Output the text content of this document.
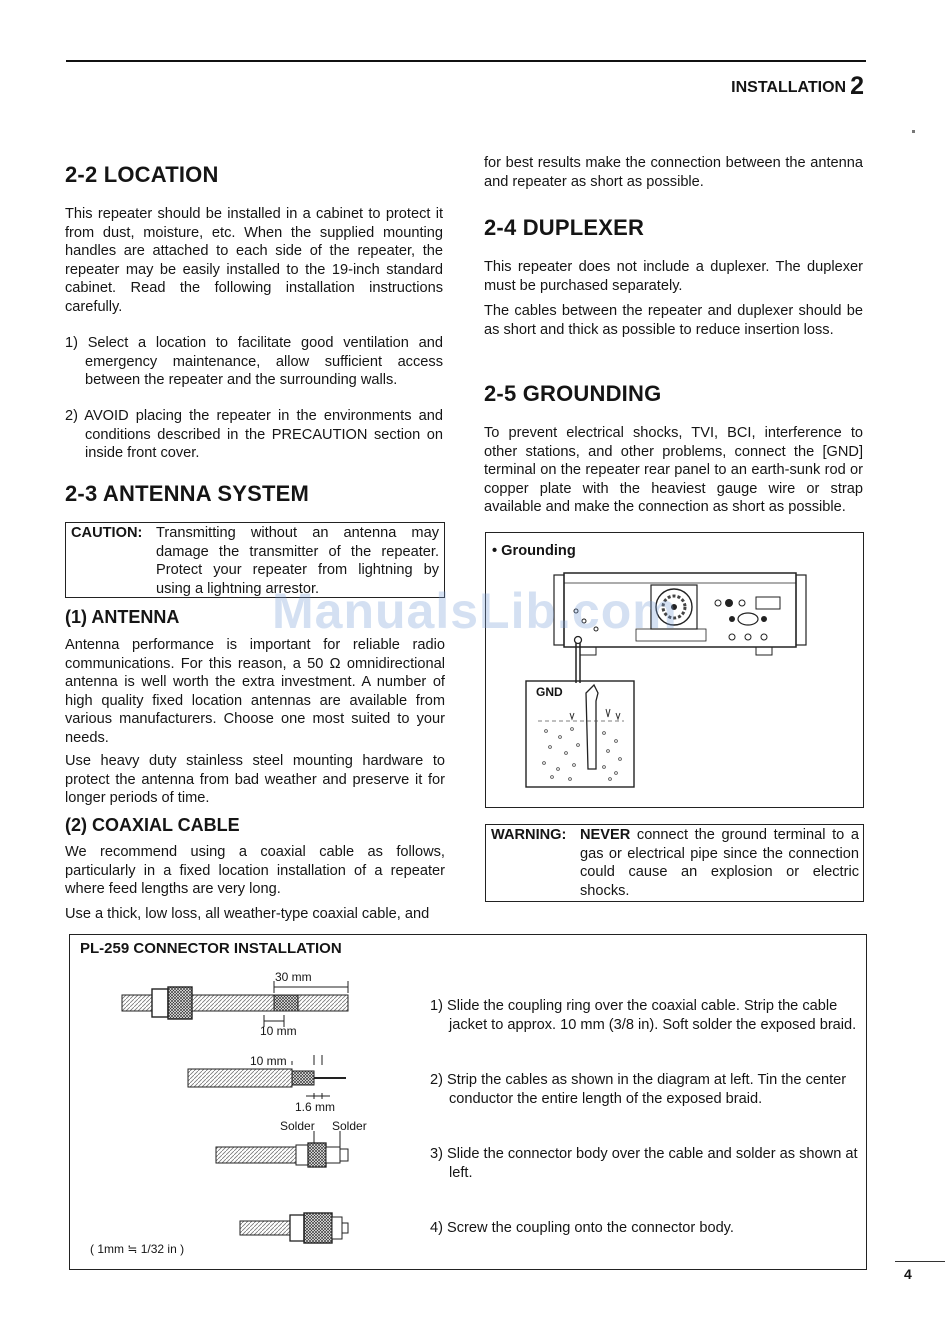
INSTALLATION 2
2-2 LOCATION

This repeater should be installed in a cabinet to protect it from dust, moisture, etc. When the supplied mounting handles are attached to each side of the repeater, the repeater may be easily installed to the 19-inch standard cabinet. Read the following installation instructions carefully.

1) Select a location to facilitate good ventilation and emergency maintenance, allow sufficient access between the repeater and the surrounding walls.
2) AVOID placing the repeater in the environments and conditions described in the PRECAUTION section on inside front cover.
2-3 ANTENNA SYSTEM
CAUTION: Transmitting without an antenna may damage the transmitter of the repeater. Protect your repeater from lightning by using a lightning arrestor.
(1) ANTENNA

Antenna performance is important for reliable radio communications. For this reason, a 50 Ω omnidirectional antenna is well worth the extra investment. A number of high quality fixed location antennas are available from various manufacturers. Choose one most suited to your needs.

Use heavy duty stainless steel mounting hardware to protect the antenna from bad weather and preserve it for longer periods of time.

(2) COAXIAL CABLE

We recommend using a coaxial cable as follows, particularly in a fixed location installation of a repeater where feed lengths are very long.

Use a thick, low loss, all weather-type coaxial cable, and

for best results make the connection between the antenna and repeater as short as possible.

2-4 DUPLEXER

This repeater does not include a duplexer. The duplexer must be purchased separately.

The cables between the repeater and duplexer should be as short and thick as possible to reduce insertion loss.

2-5 GROUNDING

To prevent electrical shocks, TVI, BCI, interference to other stations, and other problems, connect the [GND] terminal on the repeater rear panel to an earth-sunk rod or copper plate with the heaviest gauge wire or strap available and make the connection as short as possible.

• Grounding
GND
WARNING: NEVER connect the ground terminal to a gas or electrical pipe since the connection could cause an explosion or electric shocks.
PL-259 CONNECTOR INSTALLATION
30 mm
10 mm
10 mm
1.6 mm
Solder Solder
( 1mm ≒ 1/32 in )
1) Slide the coupling ring over the coaxial cable. Strip the cable jacket to approx. 10 mm (3/8 in). Soft solder the exposed braid.
2) Strip the cables as shown in the diagram at left. Tin the center conductor the entire length of the exposed braid.
3) Slide the connector body over the cable and solder as shown at left.
4) Screw the coupling onto the connector body.
ManualsLib.com
4
